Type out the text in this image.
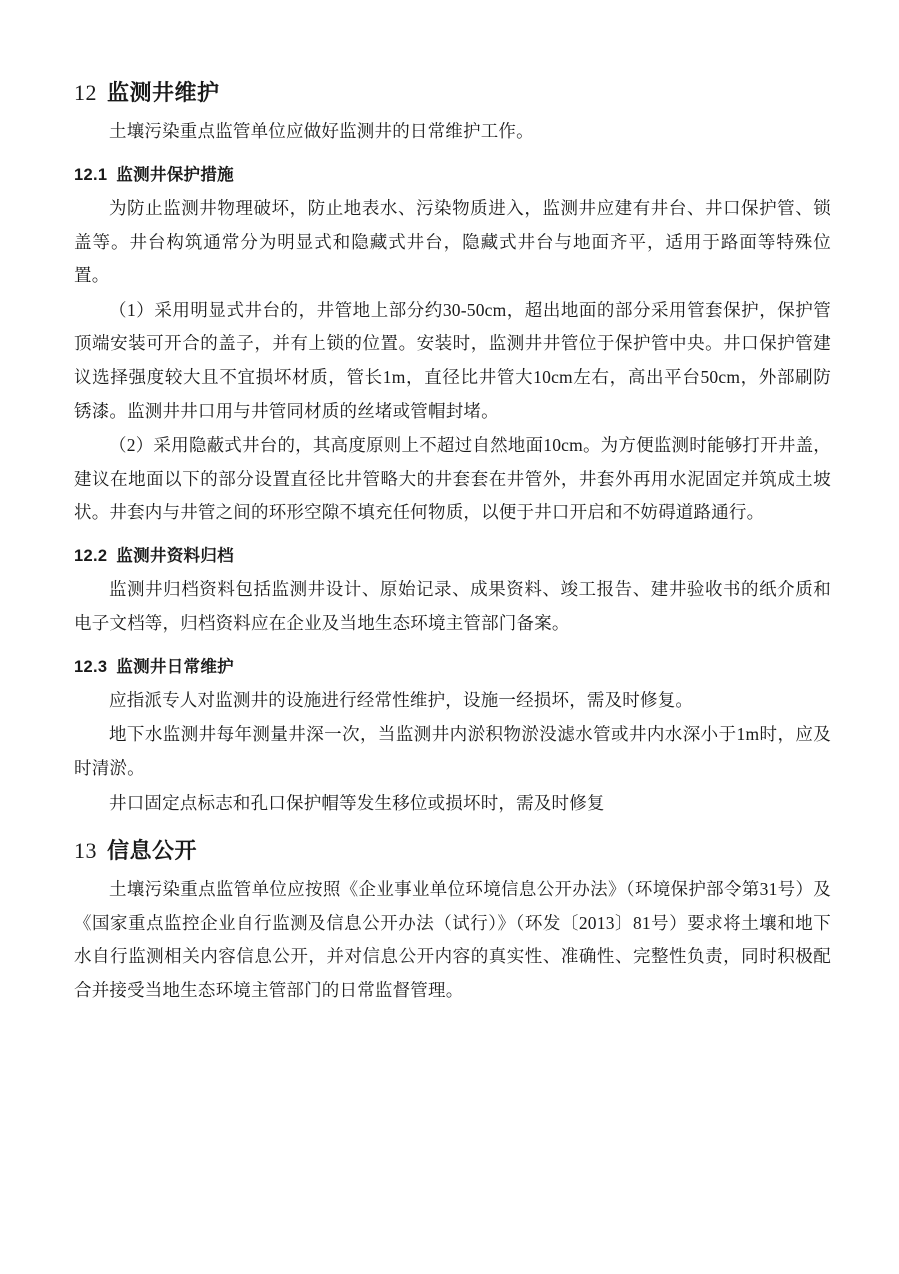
12 监测井维护

土壤污染重点监管单位应做好监测井的日常维护工作。

12.1 监测井保护措施

为防止监测井物理破坏，防止地表水、污染物质进入，监测井应建有井台、井口保护管、锁盖等。井台构筑通常分为明显式和隐藏式井台，隐藏式井台与地面齐平，适用于路面等特殊位置。

（1）采用明显式井台的，井管地上部分约30-50cm，超出地面的部分采用管套保护，保护管顶端安装可开合的盖子，并有上锁的位置。安装时，监测井井管位于保护管中央。井口保护管建议选择强度较大且不宜损坏材质，管长1m，直径比井管大10cm左右，高出平台50cm，外部刷防锈漆。监测井井口用与井管同材质的丝堵或管帽封堵。

（2）采用隐蔽式井台的，其高度原则上不超过自然地面10cm。为方便监测时能够打开井盖，建议在地面以下的部分设置直径比井管略大的井套套在井管外，井套外再用水泥固定并筑成土坡状。井套内与井管之间的环形空隙不填充任何物质，以便于井口开启和不妨碍道路通行。

12.2 监测井资料归档

监测井归档资料包括监测井设计、原始记录、成果资料、竣工报告、建井验收书的纸介质和电子文档等，归档资料应在企业及当地生态环境主管部门备案。

12.3 监测井日常维护

应指派专人对监测井的设施进行经常性维护，设施一经损坏，需及时修复。

地下水监测井每年测量井深一次，当监测井内淤积物淤没滤水管或井内水深小于1m时，应及时清淤。

井口固定点标志和孔口保护帽等发生移位或损坏时，需及时修复

13 信息公开

土壤污染重点监管单位应按照《企业事业单位环境信息公开办法》（环境保护部令第31号）及《国家重点监控企业自行监测及信息公开办法（试行）》（环发〔2013〕81号）要求将土壤和地下水自行监测相关内容信息公开，并对信息公开内容的真实性、准确性、完整性负责，同时积极配合并接受当地生态环境主管部门的日常监督管理。
